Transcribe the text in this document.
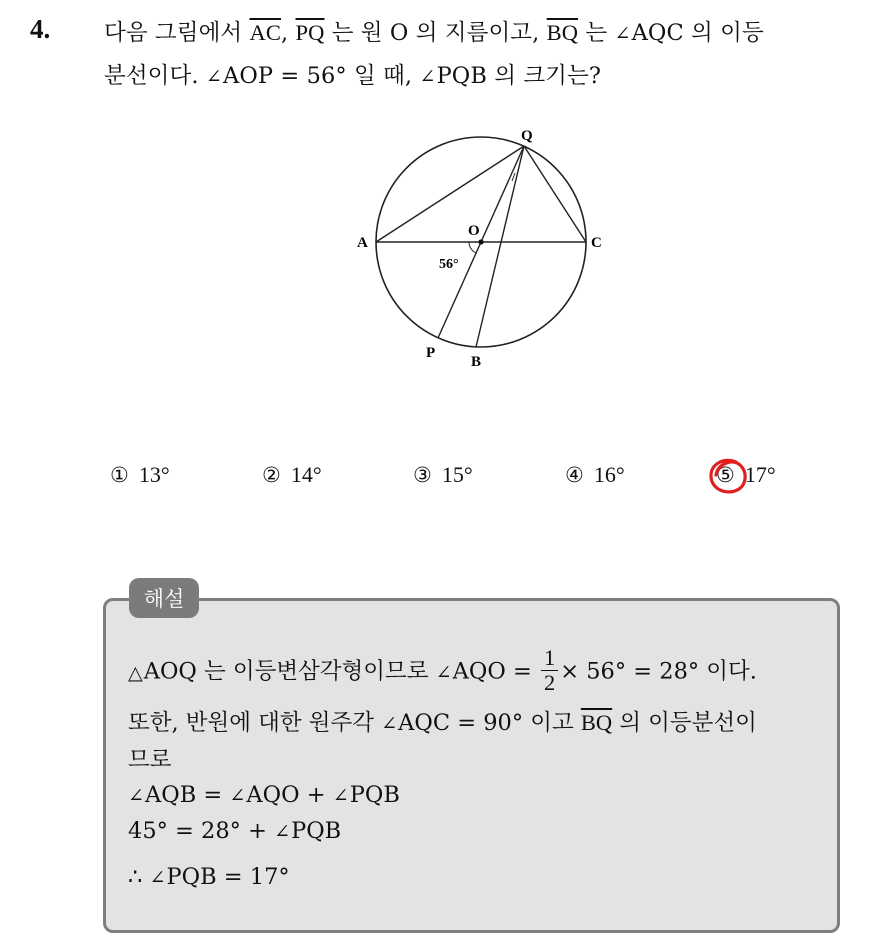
4. 다음 그림에서 $\overline{AC}$, $\overline{PQ}$ 는 원 O 의 지름이고, $\overline{BQ}$ 는 ∠AQC 의 이등
분선이다. ∠AOP = 56° 일 때, ∠PQB 의 크기는?
Q
O
A	C
P
B
56°
① 13°	② 14°	③ 15°	④ 16°	⑤ 17°
해설
△AOQ 는 이등변삼각형이므로 ∠AQO = $\frac{1}{2} \times 56^\circ = 28^\circ$ 이다.
또한, 반원에 대한 원주각 ∠AQC = 90° 이고 $\overline{BQ}$ 의 이등분선이
므로
∠AQB = ∠AQO + ∠PQB
45° = 28° + ∠PQB
∴ ∠PQB = 17°
